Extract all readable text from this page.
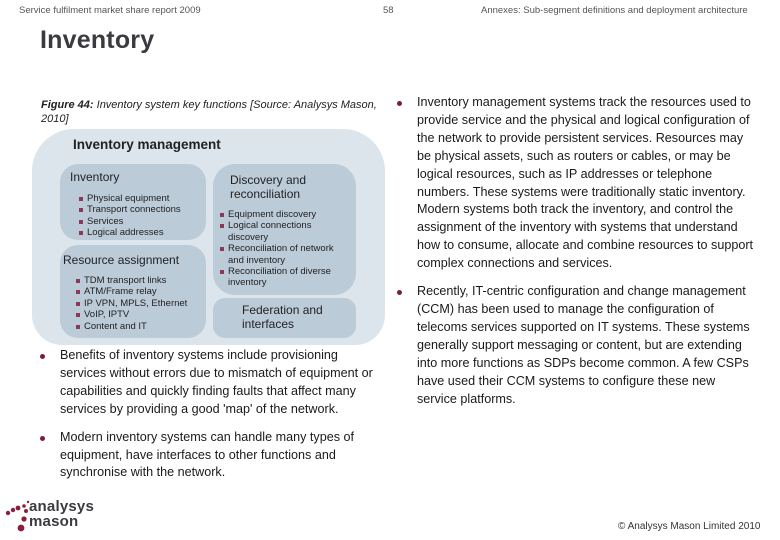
Service fulfilment market share report 2009	58	Annexes: Sub-segment definitions and deployment architecture
Inventory
Figure 44: Inventory system key functions [Source: Analysys Mason, 2010]
Inventory management
Inventory
Physical equipment
Transport connections
Services
Logical addresses
Resource assignment
TDM transport links
ATM/Frame relay
IP VPN, MPLS, Ethernet
VoIP, IPTV
Content and IT
Discovery and reconciliation
Equipment discovery
Logical connections discovery
Reconciliation of network and inventory
Reconciliation of diverse inventory
Federation and interfaces
Benefits of inventory systems include provisioning services without errors due to mismatch of equipment or capabilities and quickly finding faults that affect many services by providing a good 'map' of the network.
Modern inventory systems can handle many types of equipment, have interfaces to other functions and synchronise with the network.
Inventory management systems track the resources used to provide service and the physical and logical configuration of the network to provide persistent services. Resources may be physical assets, such as routers or cables, or may be logical resources, such as IP addresses or telephone numbers. These systems were traditionally static inventory. Modern systems both track the inventory, and control the assignment of the inventory with systems that understand how to consume, allocate and combine resources to support complex connections and services.
Recently, IT-centric configuration and change management (CCM) has been used to manage the configuration of telecoms services supported on IT systems. These systems generally support messaging or content, but are extending into more functions as SDPs become common. A few CSPs have used their CCM systems to configure these new service platforms.
analysys
mason	© Analysys Mason Limited 2010
